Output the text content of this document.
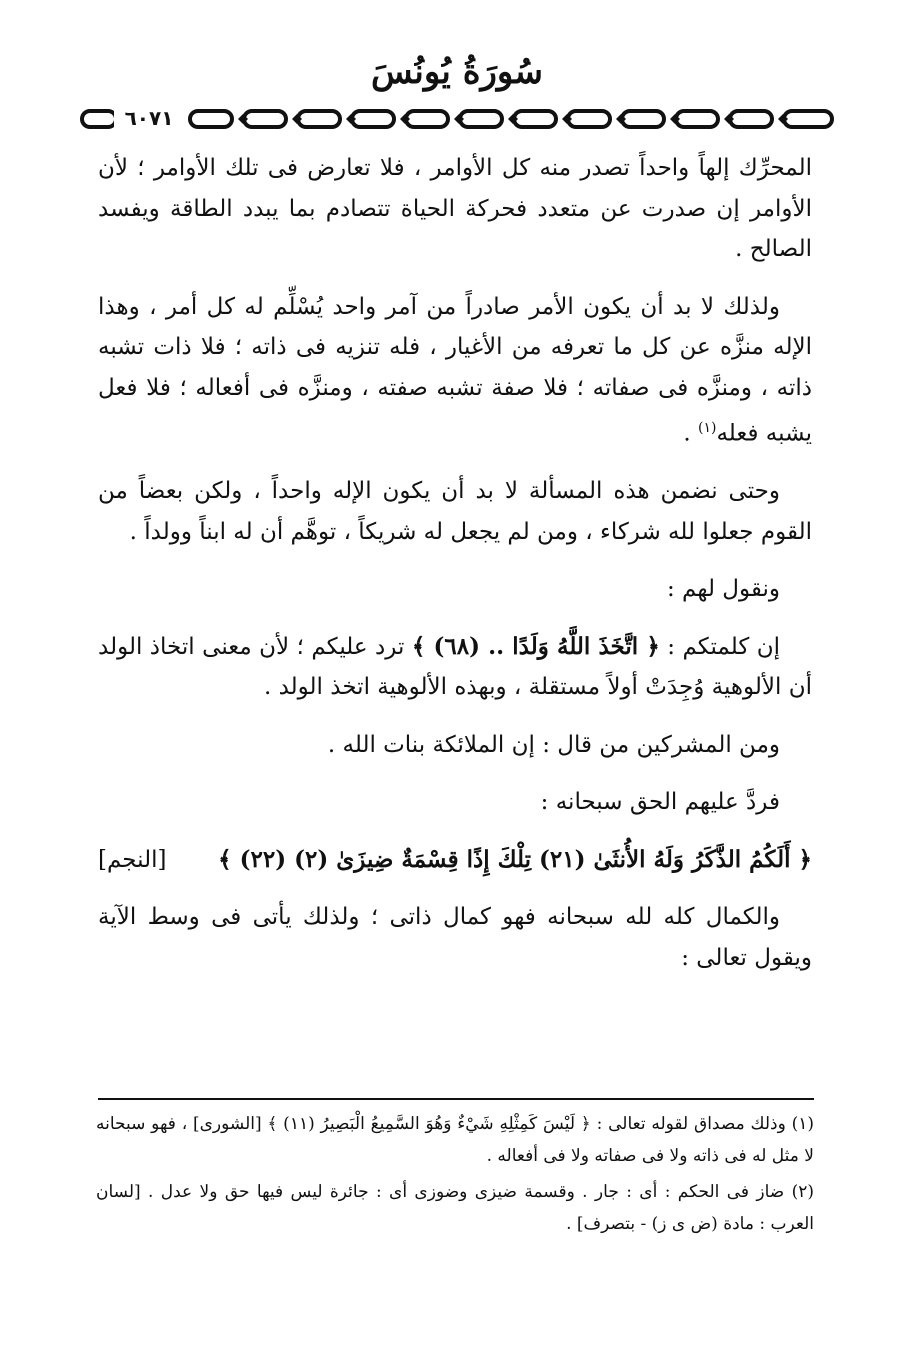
سُورَةُ يُونُسَ
٦٠٧١

المحرِّك إلهاً واحداً تصدر منه كل الأوامر ، فلا تعارض فى تلك الأوامر ؛ لأن الأوامر إن صدرت عن متعدد فحركة الحياة تتصادم بما يبدد الطاقة ويفسد الصالح .

ولذلك لا بد أن يكون الأمر صادراً من آمر واحد يُسْلِّم له كل أمر ، وهذا الإله منزَّه عن كل ما تعرفه من الأغيار ، فله تنزيه فى ذاته ؛ فلا ذات تشبه ذاته ، ومنزَّه فى صفاته ؛ فلا صفة تشبه صفته ، ومنزَّه فى أفعاله ؛ فلا فعل يشبه فعله$^{(١)}$ .

وحتى نضمن هذه المسألة لا بد أن يكون الإله واحداً ، ولكن بعضاً من القوم جعلوا لله شركاء ، ومن لم يجعل له شريكاً ، توهَّم أن له ابناً وولداً .

ونقول لهم :

إن كلمتكم : ﴿ اتَّخَذَ اللَّهُ وَلَدًا .. (٦٨) ﴾ ترد عليكم ؛ لأن معنى اتخاذ الولد أن الألوهية وُجِدَتْ أولاً مستقلة ، وبهذه الألوهية اتخذ الولد .

ومن المشركين من قال : إن الملائكة بنات الله .

فردَّ عليهم الحق سبحانه :

﴿ أَلَكُمُ الذَّكَرُ وَلَهُ الأُنثَىٰ (٢١) تِلْكَ إِذًا قِسْمَةٌ ضِيزَىٰ (٢) (٢٢) ﴾
[النجم]

والكمال كله لله سبحانه فهو كمال ذاتى ؛ ولذلك يأتى فى وسط الآية ويقول تعالى :

(١) وذلك مصداق لقوله تعالى : ﴿ لَيْسَ كَمِثْلِهِ شَيْءٌ وَهُوَ السَّمِيعُ الْبَصِيرُ (١١) ﴾ [الشورى] ، فهو سبحانه لا مثل له فى ذاته ولا فى صفاته ولا فى أفعاله .

(٢) ضاز فى الحكم : أى : جار . وقسمة ضيزى وضوزى أى : جائرة ليس فيها حق ولا عدل . [لسان العرب : مادة (ض ى ز) - بتصرف] .
